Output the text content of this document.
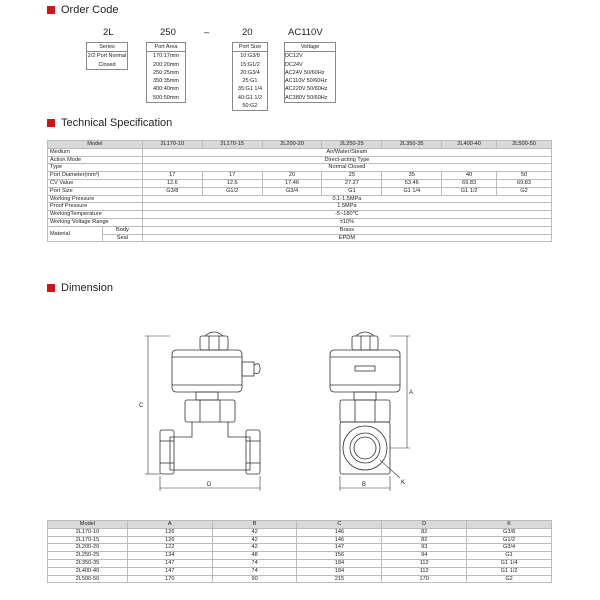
Order Code
2L	250	–	20	AC110V
Series
2/2 Port Normal
Closed
Port Area
170:17mm
200:20mm
250:25mm
350:35mm
400:40mm
500:50mm
Port Size
10:G3/8
15:G1/2
20:G3/4
25:G1
35:G1 1/4
40:G1 1/2
50:G2
Voltage
DC12V
DC24V
AC24V 50/60Hz
AC110V 50/60Hz
AC220V 50/60Hz
AC380V 50/60Hz
Technical Specification
Model		2L170-10	2L170-15	2L200-20	2L250-25	2L350-35	2L400-40	2L500-50
Medium		Air/Water/Steam						
Action Mode		Direct-acting Type						
Type		Normal Closed						
Port Diameter(mm²)		17	17	20	25	35	40	50
CV Value		12.6	12.6	17.46	27.27	53.46	69.83	69.83
Port Size		G3/8	G1/2	G3/4	G1	G1 1/4	G1 1/2	G2
Working Pressure		0.1-1.5MPa						
Proof Pressure		1.5MPa						
WorkingTemperature		-5~180℃						
Working Voltage Range		±10%						
Material	Body	Brass						
	Seal	EPDM						
Dimension
C
D
A
B	K
Model	A	B	C	D	K
2L170-10	126	42	146	82	G3/8
2L170-15	126	42	146	82	G1/2
2L200-20	122	42	147	93	G3/4
2L250-25	134	48	156	94	G1
2L350-35	147	74	184	112	G1 1/4
2L400-40	147	74	184	112	G1 1/2
2L500-50	170	90	215	170	G2
